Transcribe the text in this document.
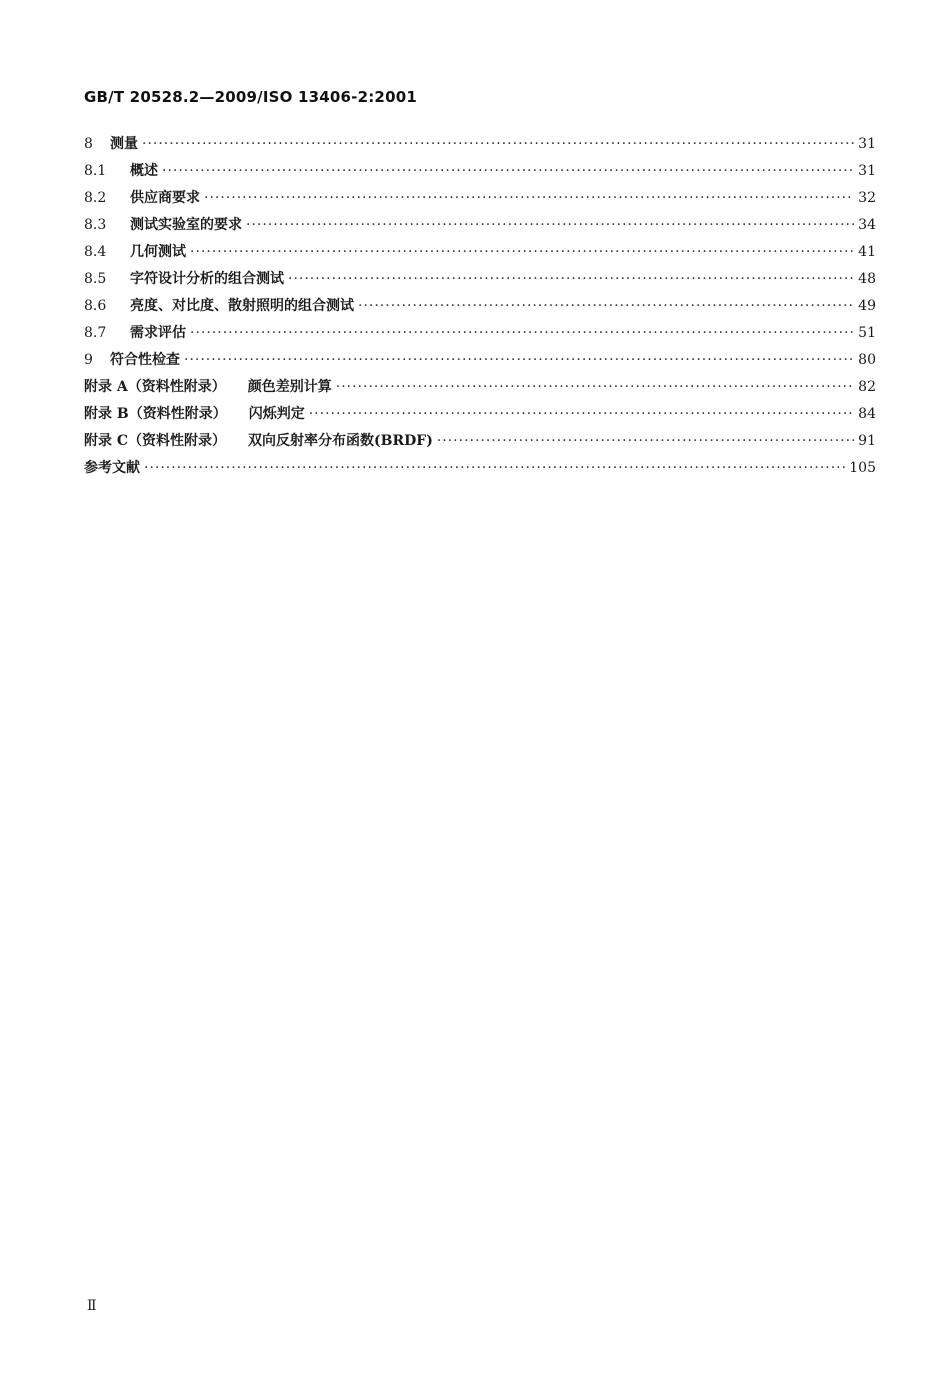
GB/T 20528.2—2009/ISO 13406-2:2001
8	测量 ·····	31
8.1	概述 ·····	31
8.2	供应商要求 ·····	32
8.3	测试实验室的要求 ·····	34
8.4	几何测试 ·····	41
8.5	字符设计分析的组合测试 ·····	48
8.6	亮度、对比度、散射照明的组合测试 ·····	49
8.7	需求评估 ·····	51
9	符合性检查 ·····	80
附录 A（资料性附录） 颜色差别计算 ·····	82
附录 B（资料性附录） 闪烁判定 ·····	84
附录 C（资料性附录） 双向反射率分布函数(BRDF) ·····	91
参考文献 ·····	105
Ⅱ
